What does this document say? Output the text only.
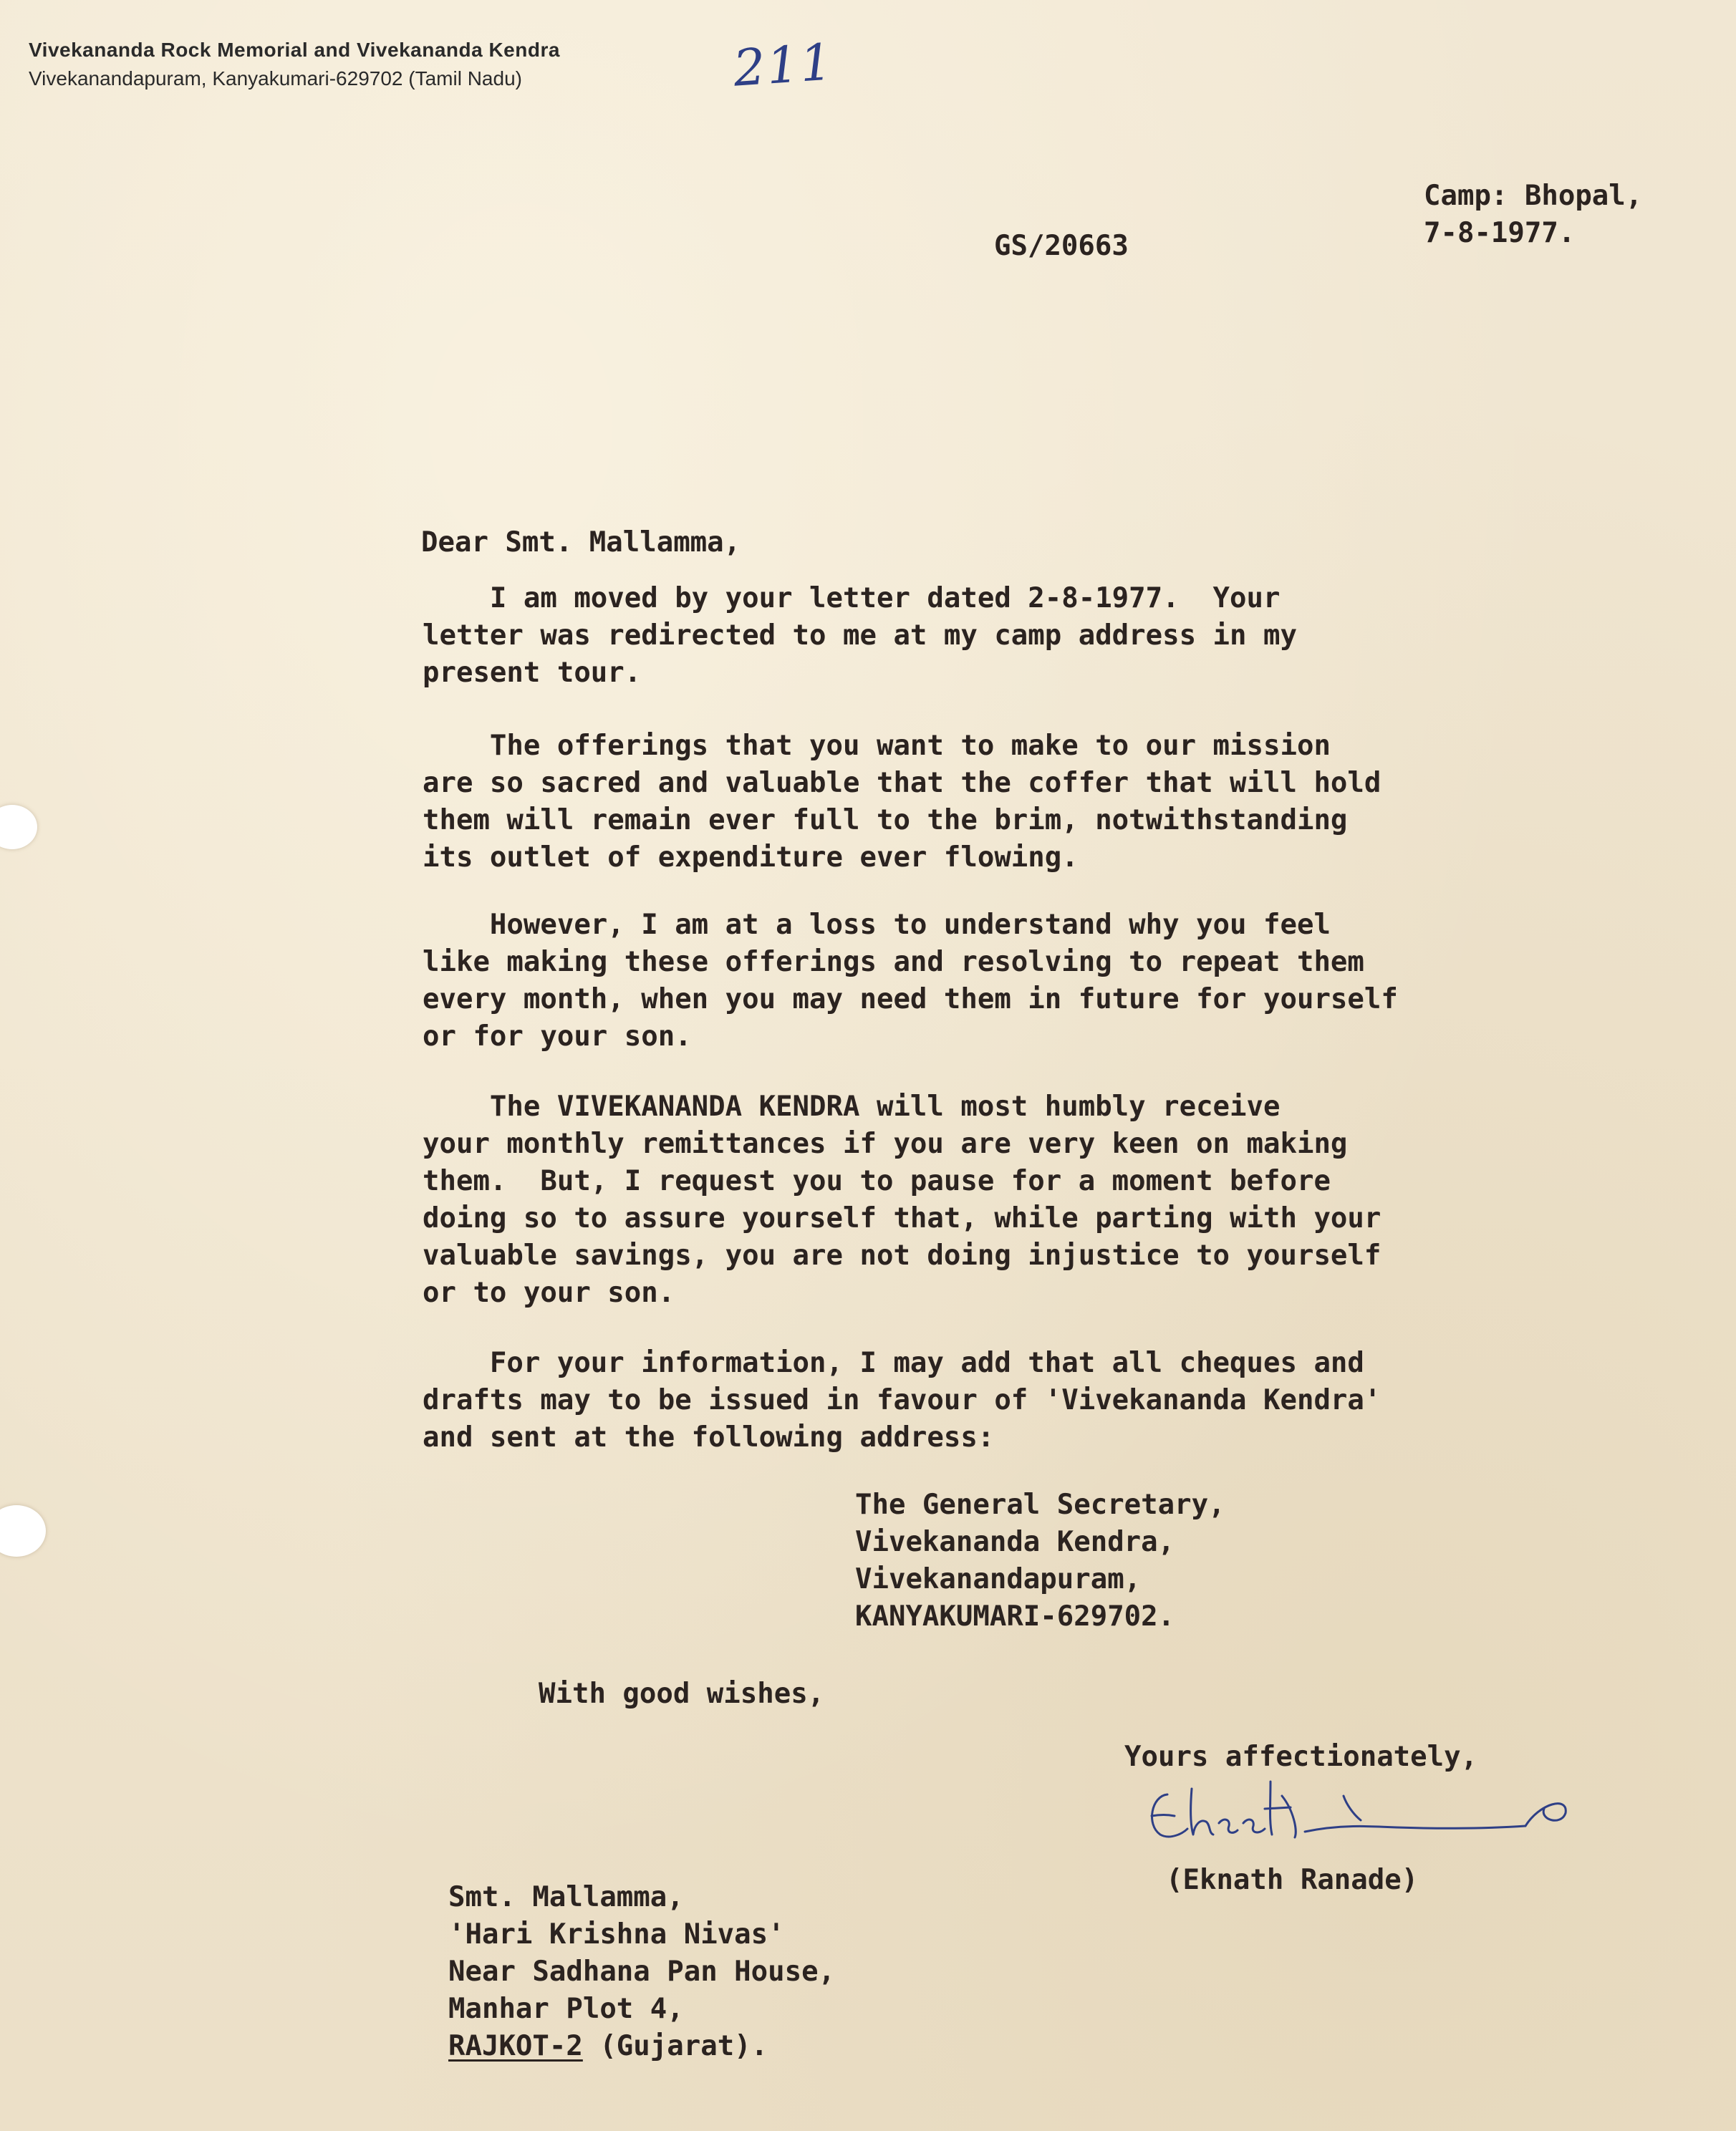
Vivekananda Rock Memorial and Vivekananda Kendra
Vivekanandapuram, Kanyakumari-629702 (Tamil Nadu)	211
GS/20663
Camp: Bhopal,
7-8-1977.
Dear Smt. Mallamma,
I am moved by your letter dated 2-8-1977.  Your
letter was redirected to me at my camp address in my
present tour.
The offerings that you want to make to our mission
are so sacred and valuable that the coffer that will hold
them will remain ever full to the brim, notwithstanding
its outlet of expenditure ever flowing.
However, I am at a loss to understand why you feel
like making these offerings and resolving to repeat them
every month, when you may need them in future for yourself
or for your son.
The VIVEKANANDA KENDRA will most humbly receive
your monthly remittances if you are very keen on making
them.  But, I request you to pause for a moment before
doing so to assure yourself that, while parting with your
valuable savings, you are not doing injustice to yourself
or to your son.
For your information, I may add that all cheques and
drafts may to be issued in favour of 'Vivekananda Kendra'
and sent at the following address:
The General Secretary,
Vivekananda Kendra,
Vivekanandapuram,
KANYAKUMARI-629702.
With good wishes,
Yours affectionately,
(Eknath Ranade)
Smt. Mallamma,
'Hari Krishna Nivas'
Near Sadhana Pan House,
Manhar Plot 4,
RAJKOT-2 (Gujarat).
